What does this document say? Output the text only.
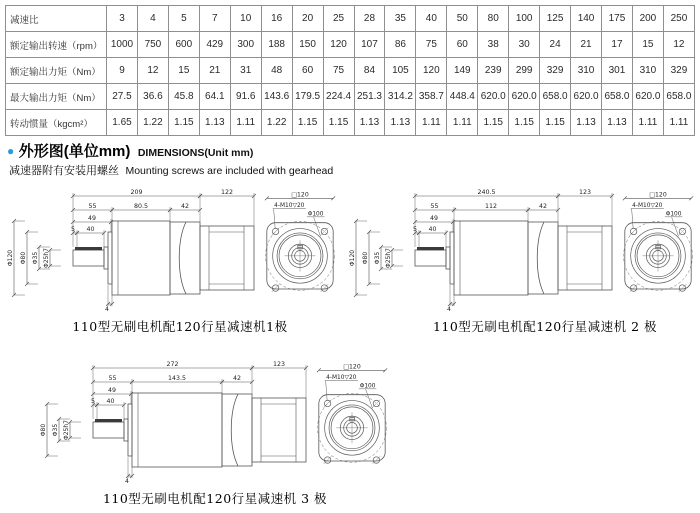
减速比	3	4	5	7	10	16	20	25	28	35	40	50	80	100	125	140	175	200	250
额定输出转速（rpm）	1000	750	600	429	300	188	150	120	107	86	75	60	38	30	24	21	17	15	12
额定输出力矩（Nm）	9	12	15	21	31	48	60	75	84	105	120	149	239	299	329	310	301	310	329
最大输出力矩（Nm）	27.5	36.6	45.8	64.1	91.6	143.6	179.5	224.4	251.3	314.2	358.7	448.4	620.0	620.0	658.0	620.0	658.0	620.0	658.0
转动惯量（kgcm²）	1.65	1.22	1.15	1.13	1.11	1.22	1.15	1.15	1.13	1.13	1.11	1.11	1.15	1.15	1.15	1.13	1.13	1.11	1.11
● 外形图(单位mm) DIMENSIONS(Unit mm)
减速器附有安装用螺丝 Mounting screws are included with gearhead
209	122
55	80.5	42
49
5 40
4
Φ120 Φ80 Φ35 Φ25h7
□120
4-M10▽20
Φ100
240.5	123
55	112	42
49
5 40
4
Φ120 Φ80 Φ35 Φ25h7
□120
4-M10▽20
Φ100
272	123
55	143.5	42
49
5 40
4
Φ80 Φ35 Φ25h7
□120
4-M10▽20
Φ100
110型无刷电机配120行星减速机1极	110型无刷电机配120行星减速机 2 极
110型无刷电机配120行星减速机 3 极
